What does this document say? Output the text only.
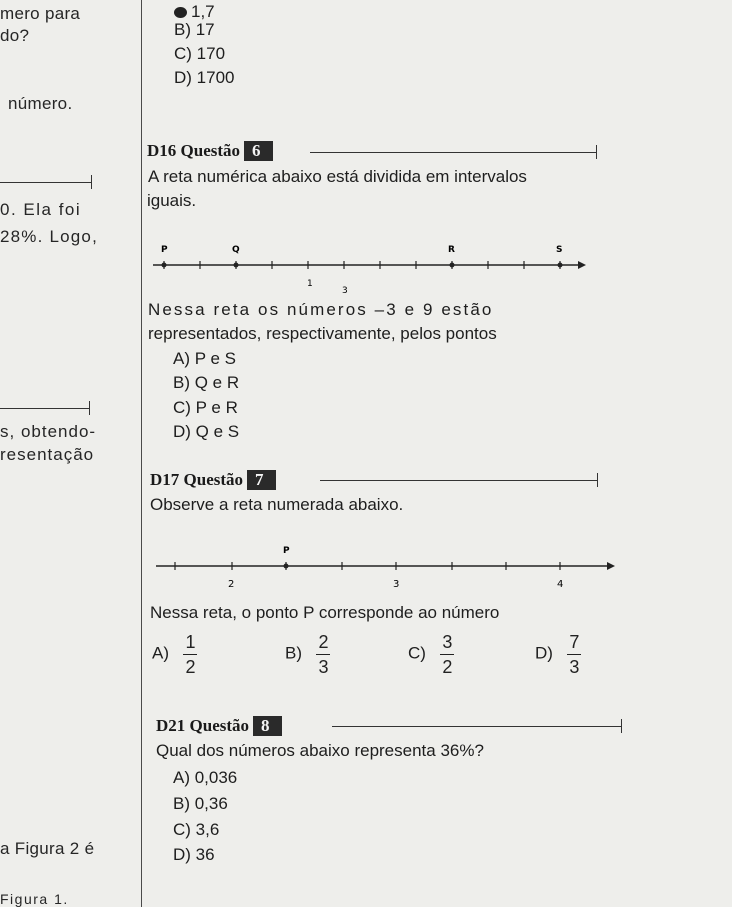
mero para
do?
número.
0. Ela foi
28%. Logo,
s, obtendo-
resentação
a Figura 2 é
Figura 1.
1,7
B) 17
C) 170
D) 1700
D16 Questão 6
A reta numérica abaixo está dividida em intervalos
iguais.
P	Q	R	S
1
3
Nessa reta os números –3 e 9 estão
representados, respectivamente, pelos pontos
A) P e S
B) Q e R
C) P e R
D) Q e S
D17 Questão 7
Observe a reta numerada abaixo.
P
2	3	4
Nessa reta, o ponto P corresponde ao número
$A) \frac{1}{2}$	$B) \frac{2}{3}$	$C) \frac{3}{2}$	$D) \frac{7}{3}$
D21 Questão 8
Qual dos números abaixo representa 36%?
A) 0,036
B) 0,36
C) 3,6
D) 36
